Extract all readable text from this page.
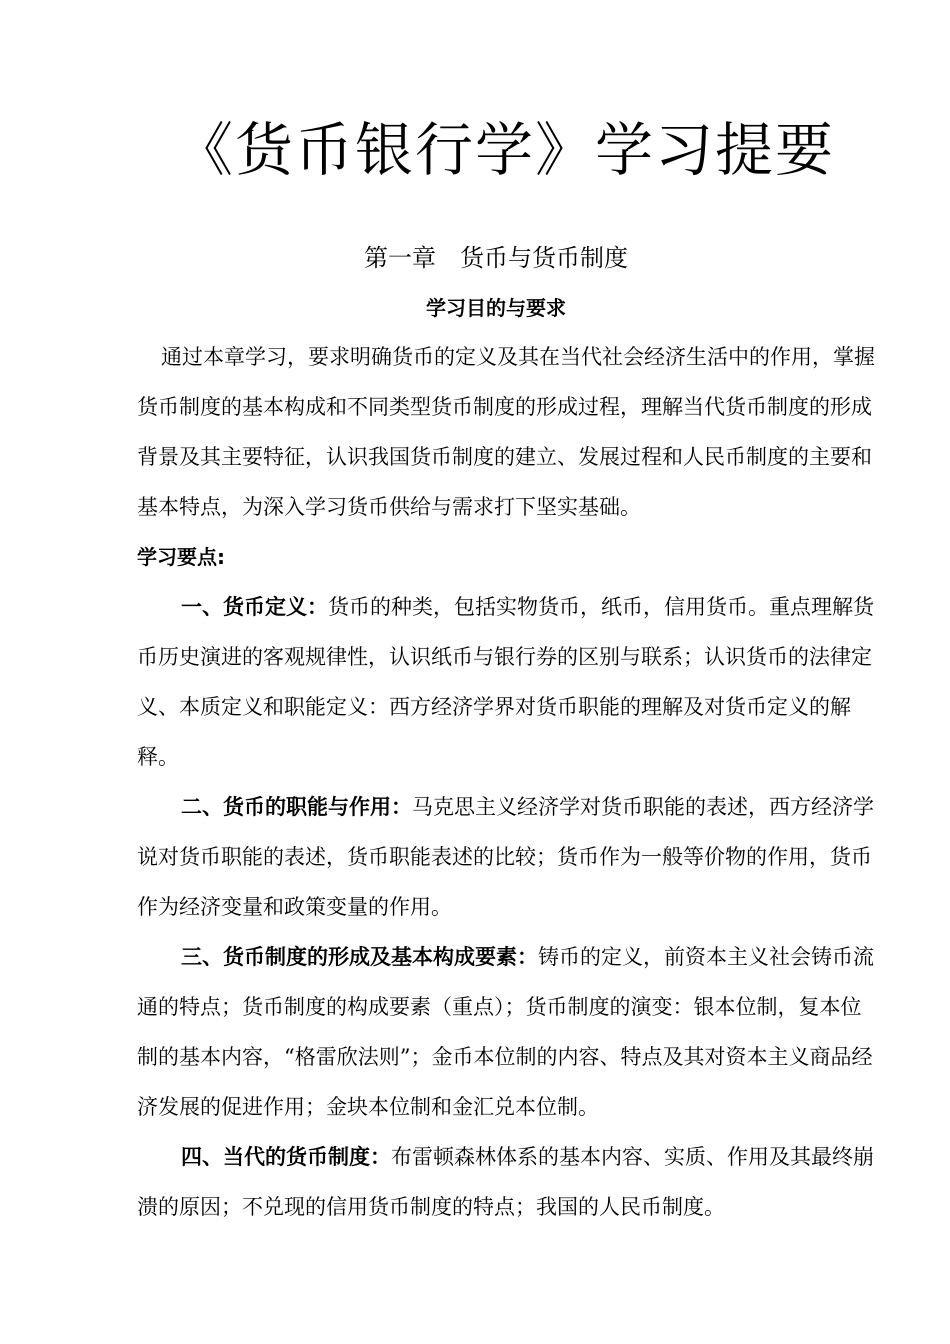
《货币银行学》学习提要
第一章　货币与货币制度
学习目的与要求

通过本章学习，要求明确货币的定义及其在当代社会经济生活中的作用，掌握货币制度的基本构成和不同类型货币制度的形成过程，理解当代货币制度的形成背景及其主要特征，认识我国货币制度的建立、发展过程和人民币制度的主要和基本特点，为深入学习货币供给与需求打下坚实基础。

学习要点:

一、货币定义：货币的种类，包括实物货币，纸币，信用货币。重点理解货币历史演进的客观规律性，认识纸币与银行券的区别与联系；认识货币的法律定义、本质定义和职能定义：西方经济学界对货币职能的理解及对货币定义的解释。

二、货币的职能与作用：马克思主义经济学对货币职能的表述，西方经济学说对货币职能的表述，货币职能表述的比较；货币作为一般等价物的作用，货币作为经济变量和政策变量的作用。

三、货币制度的形成及基本构成要素：铸币的定义，前资本主义社会铸币流通的特点；货币制度的构成要素（重点）；货币制度的演变：银本位制，复本位制的基本内容，“格雷欣法则”；金币本位制的内容、特点及其对资本主义商品经济发展的促进作用；金块本位制和金汇兑本位制。

四、当代的货币制度：布雷顿森林体系的基本内容、实质、作用及其最终崩溃的原因；不兑现的信用货币制度的特点；我国的人民币制度。
